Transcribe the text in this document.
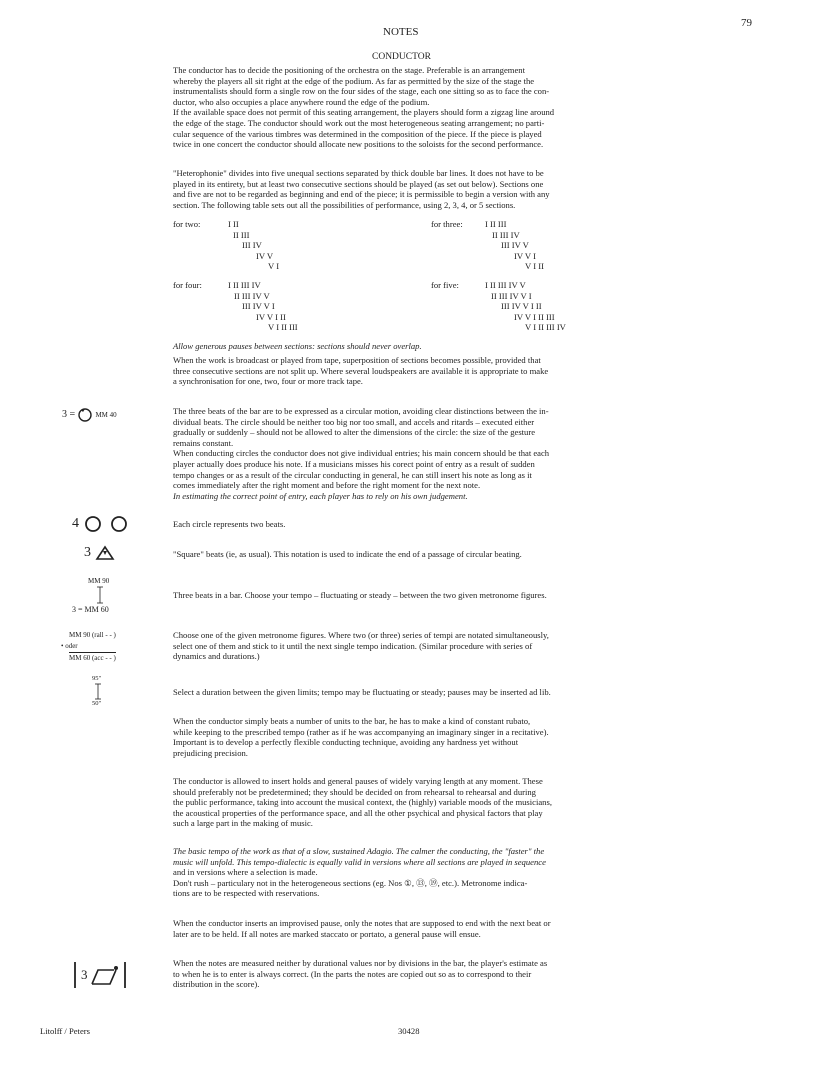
NOTES
79
CONDUCTOR
The conductor has to decide the positioning of the orchestra on the stage. Preferable is an arrangement
whereby the players all sit right at the edge of the podium. As far as permitted by the size of the stage the
instrumentalists should form a single row on the four sides of the stage, each one sitting so as to face the con-
ductor, who also occupies a place anywhere round the edge of the podium.
If the available space does not permit of this seating arrangement, the players should form a zigzag line around
the edge of the stage. The conductor should work out the most heterogeneous seating arrangement; no parti-
cular sequence of the various timbres was determined in the composition of the piece. If the piece is played
twice in one concert the conductor should allocate new positions to the soloists for the second performance.
"Heterophonie" divides into five unequal sections separated by thick double bar lines. It does not have to be
played in its entirety, but at least two consecutive sections should be played (as set out below). Sections one
and five are not to be regarded as beginning and end of the piece; it is permissible to begin a version with any
section. The following table sets out all the possibilities of performance, using 2, 3, 4, or 5 sections.
for two:	I II
II III
III IV
IV V
V I
for three:	I II III
II III IV
III IV V
IV V I
V I II
for four:	I II III IV
II III IV V
III IV V I
IV V I II
V I II III
for five:	I II III IV V
II III IV V I
III IV V I II
IV V I II III
V I II III IV
Allow generous pauses between sections: sections should never overlap.
When the work is broadcast or played from tape, superposition of sections becomes possible, provided that
three consecutive sections are not split up. Where several loudspeakers are available it is appropriate to make
a synchronisation for one, two, four or more track tape.
3 =	MM 40	The three beats of the bar are to be expressed as a circular motion, avoiding clear distinctions between the in-
dividual beats. The circle should be neither too big nor too small, and accels and ritards – executed either
gradually or suddenly – should not be allowed to alter the dimensions of the circle: the size of the gesture
remains constant.
When conducting circles the conductor does not give individual entries; his main concern should be that each
player actually does produce his note. If a musicians misses his corect point of entry as a result of sudden
tempo changes or as a result of the circular conducting in general, he can still insert his note as long as it
comes immediately after the right moment and before the right moment for the next note.
In estimating the correct point of entry, each player has to rely on his own judgement.
4	Each circle represents two beats.
3	"Square" beats (ie, as usual). This notation is used to indicate the end of a passage of circular beating.
MM 90
3 = MM 60
Three beats in a bar. Choose your tempo – fluctuating or steady – between the two given metronome figures.
MM 90 (rall - - )
• oder
MM 60 (acc - - )
Choose one of the given metronome figures. Where two (or three) series of tempi are notated simultaneously,
select one of them and stick to it until the next single tempo indication. (Similar procedure with series of
dynamics and durations.)
95"
50"
Select a duration between the given limits; tempo may be fluctuating or steady; pauses may be inserted ad lib.
When the conductor simply beats a number of units to the bar, he has to make a kind of constant rubato,
while keeping to the prescribed tempo (rather as if he was accompanying an imaginary singer in a recitative).
Important is to develop a perfectly flexible conducting technique, avoiding any hardness yet without
prejudicing precision.
The conductor is allowed to insert holds and general pauses of widely varying length at any moment. These
should preferably not be predetermined; they should be decided on from rehearsal to rehearsal and during
the public performance, taking into account the musical context, the (highly) variable moods of the musicians,
the acoustical properties of the performance space, and all the other psychical and physical factors that play
such a large part in the making of music.
The basic tempo of the work as that of a slow, sustained Adagio. The calmer the conducting, the "faster" the
music will unfold. This tempo-dialectic is equally valid in versions where all sections are played in sequence
and in versions where a selection is made.
Don't rush – particulary not in the heterogeneous sections (eg. Nos ①, ⑬, ⑲, etc.). Metronome indica-
tions are to be respected with reservations.
When the conductor inserts an improvised pause, only the notes that are supposed to end with the next beat or
later are to be held. If all notes are marked staccato or portato, a general pause will ensue.
3
When the notes are measured neither by durational values nor by divisions in the bar, the player's estimate as
to when he is to enter is always correct. (In the parts the notes are copied out so as to correspond to their
distribution in the score).
Litolff / Peters	30428
